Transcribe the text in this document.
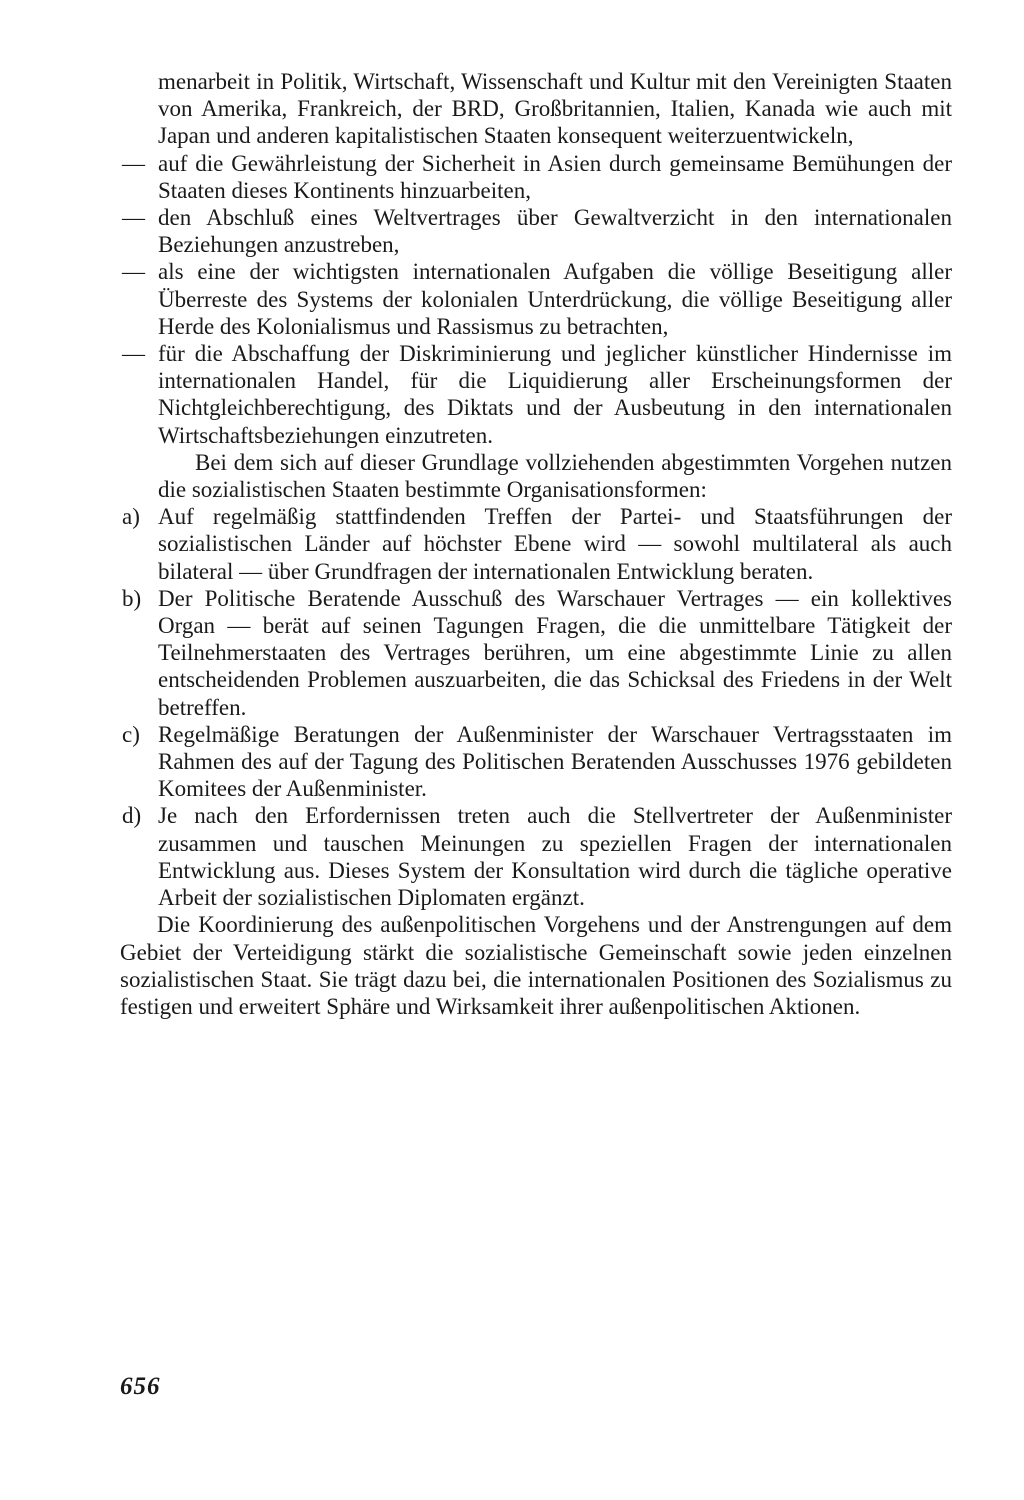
menarbeit in Politik, Wirtschaft, Wissenschaft und Kultur mit den Vereinigten Staaten von Amerika, Frankreich, der BRD, Großbritannien, Italien, Kanada wie auch mit Japan und anderen kapitalistischen Staaten konsequent weiterzuentwickeln,

— auf die Gewährleistung der Sicherheit in Asien durch gemeinsame Bemühungen der Staaten dieses Kontinents hinzuarbeiten,

— den Abschluß eines Weltvertrages über Gewaltverzicht in den internationalen Beziehungen anzustreben,

— als eine der wichtigsten internationalen Aufgaben die völlige Beseitigung aller Überreste des Systems der kolonialen Unterdrückung, die völlige Beseitigung aller Herde des Kolonialismus und Rassismus zu betrachten,

— für die Abschaffung der Diskriminierung und jeglicher künstlicher Hindernisse im internationalen Handel, für die Liquidierung aller Erscheinungsformen der Nichtgleichberechtigung, des Diktats und der Ausbeutung in den internationalen Wirtschaftsbeziehungen einzutreten.

Bei dem sich auf dieser Grundlage vollziehenden abgestimmten Vorgehen nutzen die sozialistischen Staaten bestimmte Organisationsformen:

a) Auf regelmäßig stattfindenden Treffen der Partei- und Staatsführungen der sozialistischen Länder auf höchster Ebene wird — sowohl multilateral als auch bilateral — über Grundfragen der internationalen Entwicklung beraten.

b) Der Politische Beratende Ausschuß des Warschauer Vertrages — ein kollektives Organ — berät auf seinen Tagungen Fragen, die die unmittelbare Tätigkeit der Teilnehmerstaaten des Vertrages berühren, um eine abgestimmte Linie zu allen entscheidenden Problemen auszuarbeiten, die das Schicksal des Friedens in der Welt betreffen.

c) Regelmäßige Beratungen der Außenminister der Warschauer Vertragsstaaten im Rahmen des auf der Tagung des Politischen Beratenden Ausschusses 1976 gebildeten Komitees der Außenminister.

d) Je nach den Erfordernissen treten auch die Stellvertreter der Außenminister zusammen und tauschen Meinungen zu speziellen Fragen der internationalen Entwicklung aus. Dieses System der Konsultation wird durch die tägliche operative Arbeit der sozialistischen Diplomaten ergänzt.

Die Koordinierung des außenpolitischen Vorgehens und der Anstrengungen auf dem Gebiet der Verteidigung stärkt die sozialistische Gemeinschaft sowie jeden einzelnen sozialistischen Staat. Sie trägt dazu bei, die internationalen Positionen des Sozialismus zu festigen und erweitert Sphäre und Wirksamkeit ihrer außenpolitischen Aktionen.

656
